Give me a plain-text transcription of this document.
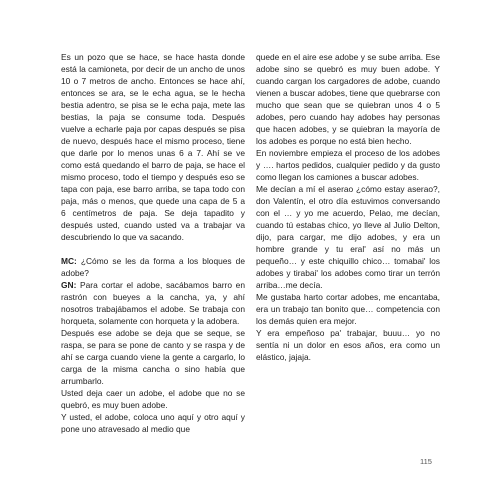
Es un pozo que se hace, se hace hasta donde está la camioneta, por decir de un ancho de unos 10 o 7 metros de ancho. Entonces se hace ahí, entonces se ara, se le echa agua, se le hecha bestia adentro, se pisa se le echa paja, mete las bestias, la paja se consume toda. Después vuelve a echarle paja por capas después se pisa de nuevo, después hace el mismo proceso, tiene que darle por lo menos unas 6 a 7. Ahí se ve como está quedando el barro de paja, se hace el mismo proceso, todo el tiempo y después eso se tapa con paja, ese barro arriba, se tapa todo con paja, más o menos, que quede una capa de 5 a 6 centímetros de paja. Se deja tapadito y después usted, cuando usted va a trabajar va descubriendo lo que va sacando.

MC: ¿Cómo se les da forma a los bloques de adobe?

GN: Para cortar el adobe, sacábamos barro en rastrón con bueyes a la cancha, ya, y ahí nosotros trabajábamos el adobe. Se trabaja con horqueta, solamente con horqueta y la adobera.

Después ese adobe se deja que se seque, se raspa, se para se pone de canto y se raspa y de ahí se carga cuando viene la gente a cargarlo, lo carga de la misma cancha o sino había que arrumbarlo.

Usted deja caer un adobe, el adobe que no se quebró, es muy buen adobe.

Y usted, el adobe, coloca uno aquí y otro aquí y pone uno atravesado al medio que

quede en el aire ese adobe y se sube arriba. Ese adobe sino se quebró es muy buen adobe. Y cuando cargan los cargadores de adobe, cuando vienen a buscar adobes, tiene que quebrarse con mucho que sean que se quiebran unos 4 o 5 adobes, pero cuando hay adobes hay personas que hacen adobes, y se quiebran la mayoría de los adobes es porque no está bien hecho.

En noviembre empieza el proceso de los adobes y …. hartos pedidos, cualquier pedido y da gusto como llegan los camiones a buscar adobes.

Me decían a mí el aserao ¿cómo estay aserao?, don Valentín, el otro día estuvimos conversando con el … y yo me acuerdo, Pelao, me decían, cuando tú estabas chico, yo lleve al Julio Delton, dijo, para cargar, me dijo adobes, y era un hombre grande y tu eral' así no más un pequeño… y este chiquillo chico… tomabai' los adobes y tirabai' los adobes como tirar un terrón arriba…me decía.

Me gustaba harto cortar adobes, me encantaba, era un trabajo tan bonito que… competencia con los demás quien era mejor.

Y era empeñoso pa' trabajar, buuu… yo no sentía ni un dolor en esos años, era como un elástico, jajaja.

115
